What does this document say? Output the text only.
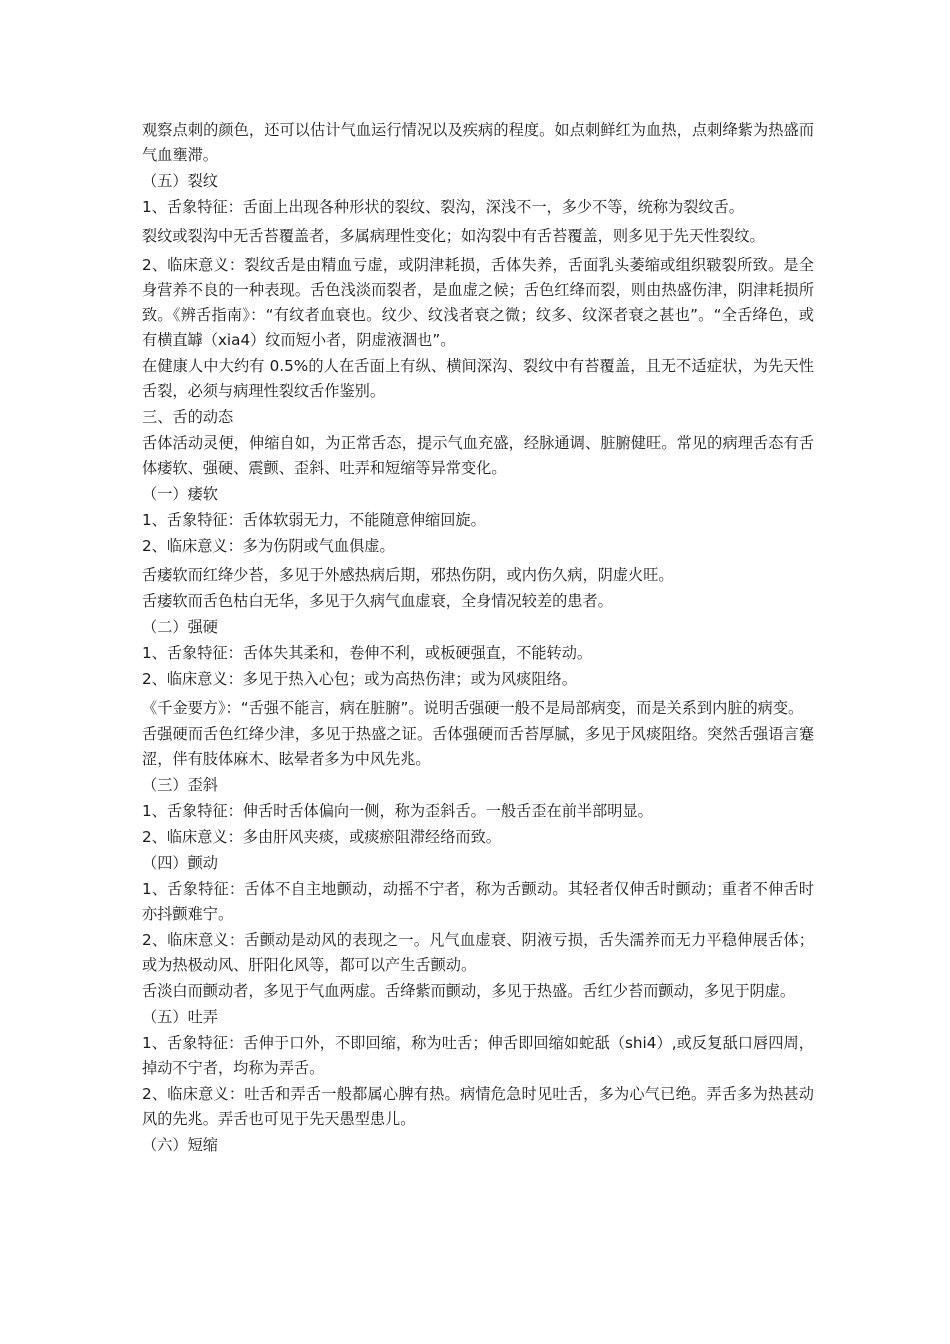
观察点刺的颜色，还可以估计气血运行情况以及疾病的程度。如点刺鲜红为血热，点刺绛紫为热盛而气血壅滞。

（五）裂纹

1、舌象特征：舌面上出现各种形状的裂纹、裂沟，深浅不一，多少不等，统称为裂纹舌。

裂纹或裂沟中无舌苔覆盖者，多属病理性变化；如沟裂中有舌苔覆盖，则多见于先天性裂纹。

2、临床意义：裂纹舌是由精血亏虚，或阴津耗损，舌体失养，舌面乳头萎缩或组织皲裂所致。是全身营养不良的一种表现。舌色浅淡而裂者，是血虚之候；舌色红绛而裂，则由热盛伤津，阴津耗损所致。《辨舌指南》：“有纹者血衰也。纹少、纹浅者衰之微；纹多、纹深者衰之甚也”。“全舌绛色，或有横直罅（xia4）纹而短小者，阴虚液涸也”。

在健康人中大约有 0.5%的人在舌面上有纵、横间深沟、裂纹中有苔覆盖，且无不适症状，为先天性舌裂，必须与病理性裂纹舌作鉴别。

三、舌的动态

舌体活动灵便，伸缩自如，为正常舌态，提示气血充盛，经脉通调、脏腑健旺。常见的病理舌态有舌体痿软、强硬、震颤、歪斜、吐弄和短缩等异常变化。

（一）痿软

1、舌象特征：舌体软弱无力，不能随意伸缩回旋。

2、临床意义：多为伤阴或气血俱虚。

舌痿软而红绛少苔，多见于外感热病后期，邪热伤阴，或内伤久病，阴虚火旺。

舌痿软而舌色枯白无华，多见于久病气血虚衰，全身情况较差的患者。

（二）强硬

1、舌象特征：舌体失其柔和，卷伸不利，或板硬强直，不能转动。

2、临床意义：多见于热入心包；或为高热伤津；或为风痰阻络。

《千金要方》：“舌强不能言，病在脏腑”。说明舌强硬一般不是局部病变，而是关系到内脏的病变。

舌强硬而舌色红绛少津，多见于热盛之证。舌体强硬而舌苔厚腻，多见于风痰阻络。突然舌强语言蹇涩，伴有肢体麻木、眩晕者多为中风先兆。

（三）歪斜

1、舌象特征：伸舌时舌体偏向一侧，称为歪斜舌。一般舌歪在前半部明显。

2、临床意义：多由肝风夹痰，或痰瘀阻滞经络而致。

（四）颤动

1、舌象特征：舌体不自主地颤动，动摇不宁者，称为舌颤动。其轻者仅伸舌时颤动；重者不伸舌时亦抖颤难宁。

2、临床意义：舌颤动是动风的表现之一。凡气血虚衰、阴液亏损，舌失濡养而无力平稳伸展舌体；或为热极动风、肝阳化风等，都可以产生舌颤动。

舌淡白而颤动者，多见于气血两虚。舌绛紫而颤动，多见于热盛。舌红少苔而颤动，多见于阴虚。

（五）吐弄

1、舌象特征：舌伸于口外，不即回缩，称为吐舌；伸舌即回缩如蛇舐（shi4）,或反复舐口唇四周，掉动不宁者，均称为弄舌。

2、临床意义：吐舌和弄舌一般都属心脾有热。病情危急时见吐舌，多为心气已绝。弄舌多为热甚动风的先兆。弄舌也可见于先天愚型患儿。

（六）短缩
